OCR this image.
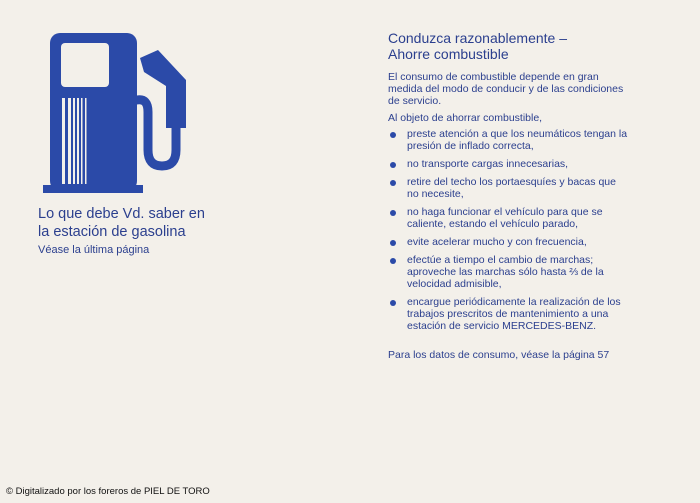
Lo que debe Vd. saber en
la estación de gasolina
Véase la última página
Conduzca razonablemente –
Ahorre combustible

El consumo de combustible depende en gran medida del modo de conducir y de las condiciones de servicio.

Al objeto de ahorrar combustible,

preste atención a que los neumáticos tengan la presión de inflado correcta,
no transporte cargas innecesarias,
retire del techo los portaesquíes y bacas que no necesite,
no haga funcionar el vehículo para que se caliente, estando el vehículo parado,
evite acelerar mucho y con frecuencia,
efectúe a tiempo el cambio de marchas; aproveche las marchas sólo hasta ⅔ de la velocidad admisible,
encargue periódicamente la realización de los trabajos prescritos de mantenimiento a una estación de servicio MERCEDES-BENZ.

Para los datos de consumo, véase la página 57

© Digitalizado por los foreros de PIEL DE TORO
